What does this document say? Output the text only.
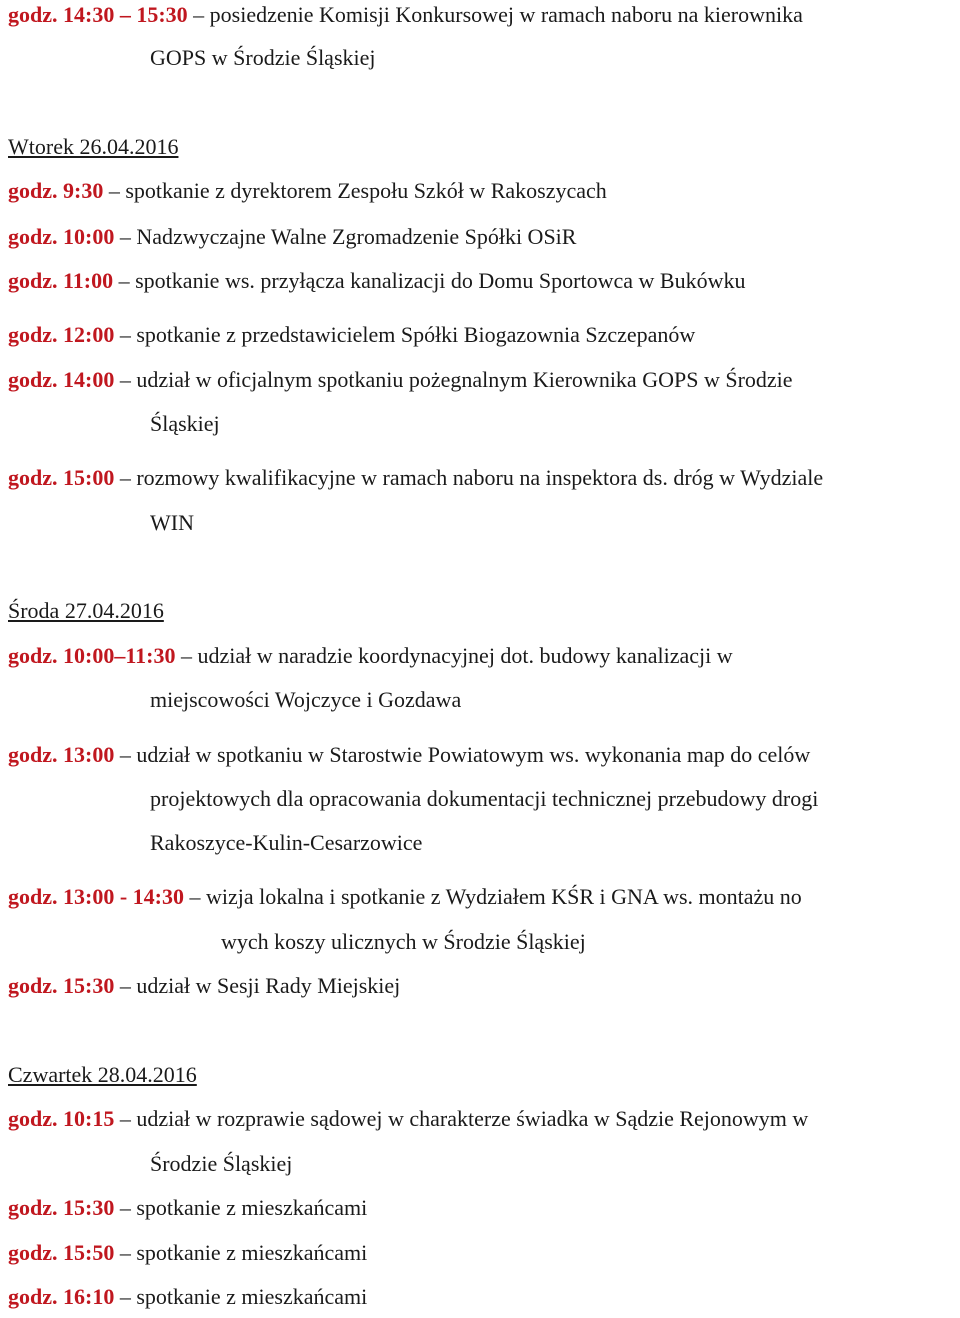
godz. 14:30 – 15:30 – posiedzenie Komisji Konkursowej w ramach naboru na kierownika
GOPS w Środzie Śląskiej
Wtorek 26.04.2016
godz. 9:30 – spotkanie z dyrektorem Zespołu Szkół w Rakoszycach
godz. 10:00 – Nadzwyczajne Walne Zgromadzenie Spółki OSiR
godz. 11:00 – spotkanie ws. przyłącza kanalizacji do Domu Sportowca w Bukówku
godz. 12:00 – spotkanie z przedstawicielem Spółki Biogazownia Szczepanów
godz. 14:00 – udział w oficjalnym spotkaniu pożegnalnym Kierownika GOPS w Środzie
Śląskiej
godz. 15:00 – rozmowy kwalifikacyjne w ramach naboru na inspektora ds. dróg w Wydziale
WIN
Środa 27.04.2016
godz. 10:00–11:30 – udział w naradzie koordynacyjnej dot. budowy kanalizacji w
miejscowości Wojczyce i Gozdawa
godz. 13:00 – udział w spotkaniu w Starostwie Powiatowym ws. wykonania map do celów
projektowych dla opracowania dokumentacji technicznej przebudowy drogi
Rakoszyce-Kulin-Cesarzowice
godz. 13:00 - 14:30 – wizja lokalna i spotkanie z Wydziałem KŚR i GNA ws. montażu no
wych koszy ulicznych w Środzie Śląskiej
godz. 15:30 – udział w Sesji Rady Miejskiej
Czwartek 28.04.2016
godz. 10:15 – udział w rozprawie sądowej w charakterze świadka w Sądzie Rejonowym w
Środzie Śląskiej
godz. 15:30 – spotkanie z mieszkańcami
godz. 15:50 – spotkanie z mieszkańcami
godz. 16:10 – spotkanie z mieszkańcami
